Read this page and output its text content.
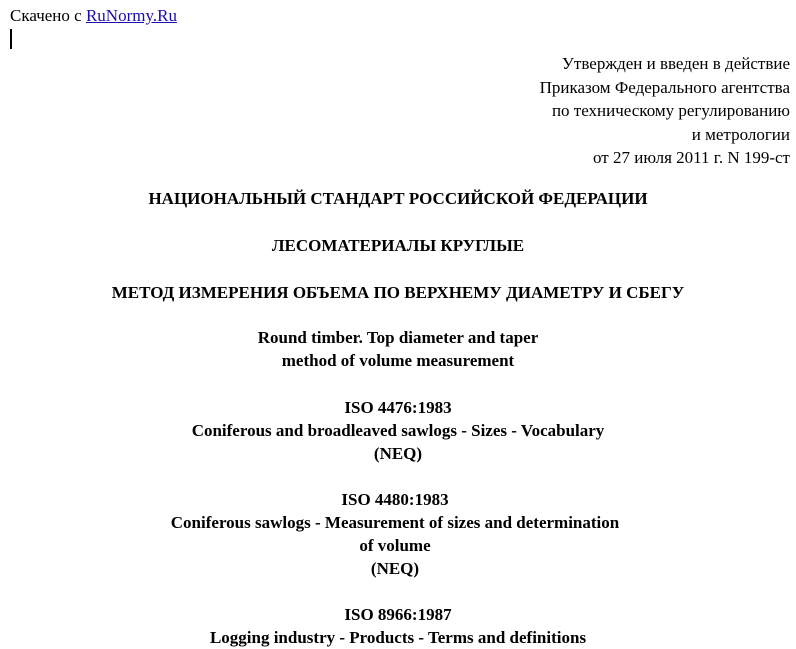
Скачено с RuNormy.Ru
Утвержден и введен в действие
Приказом Федерального агентства
по техническому регулированию
и метрологии
от 27 июля 2011 г. N 199-ст
НАЦИОНАЛЬНЫЙ СТАНДАРТ РОССИЙСКОЙ ФЕДЕРАЦИИ
ЛЕСОМАТЕРИАЛЫ КРУГЛЫЕ
МЕТОД ИЗМЕРЕНИЯ ОБЪЕМА ПО ВЕРХНЕМУ ДИАМЕТРУ И СБЕГУ
Round timber. Top diameter and taper
method of volume measurement
ISO 4476:1983
Coniferous and broadleaved sawlogs - Sizes - Vocabulary
(NEQ)
ISO 4480:1983
Coniferous sawlogs - Measurement of sizes and determination
of volume
(NEQ)
ISO 8966:1987
Logging industry - Products - Terms and definitions
